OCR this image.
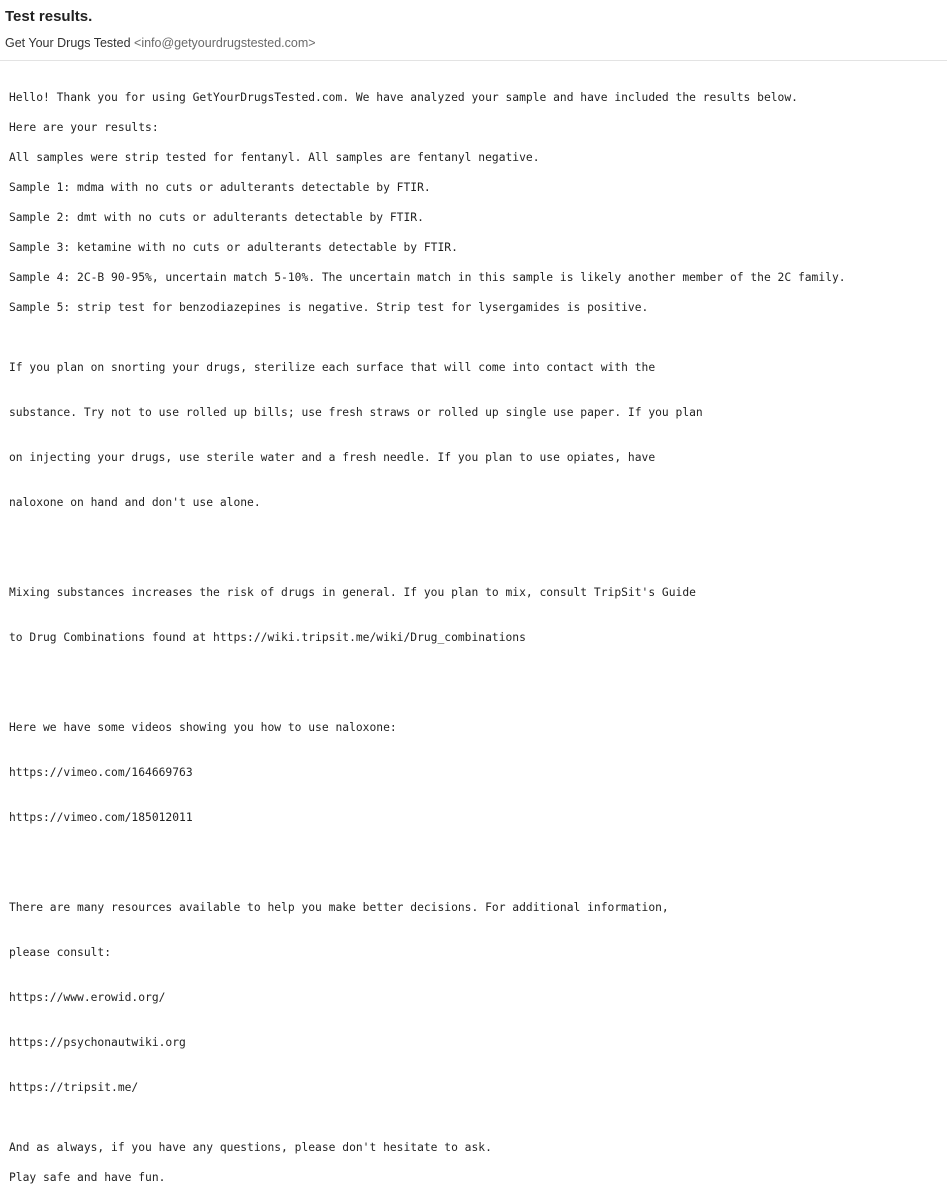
Test results.
Get Your Drugs Tested <info@getyourdrugstested.com>
Hello! Thank you for using GetYourDrugsTested.com. We have analyzed your sample and have included the results below.
Here are your results:
All samples were strip tested for fentanyl. All samples are fentanyl negative.
Sample 1: mdma with no cuts or adulterants detectable by FTIR.
Sample 2: dmt with no cuts or adulterants detectable by FTIR.
Sample 3: ketamine with no cuts or adulterants detectable by FTIR.
Sample 4: 2C-B 90-95%, uncertain match 5-10%. The uncertain match in this sample is likely another member of the 2C family.
Sample 5: strip test for benzodiazepines is negative. Strip test for lysergamides is positive.

If you plan on snorting your drugs, sterilize each surface that will come into contact with the

substance. Try not to use rolled up bills; use fresh straws or rolled up single use paper. If you plan

on injecting your drugs, use sterile water and a fresh needle. If you plan to use opiates, have

naloxone on hand and don't use alone.

Mixing substances increases the risk of drugs in general. If you plan to mix, consult TripSit's Guide

to Drug Combinations found at https://wiki.tripsit.me/wiki/Drug_combinations

Here we have some videos showing you how to use naloxone:

https://vimeo.com/164669763

https://vimeo.com/185012011

There are many resources available to help you make better decisions. For additional information,

please consult:

https://www.erowid.org/

https://psychonautwiki.org

https://tripsit.me/

And as always, if you have any questions, please don't hesitate to ask.
Play safe and have fun.
